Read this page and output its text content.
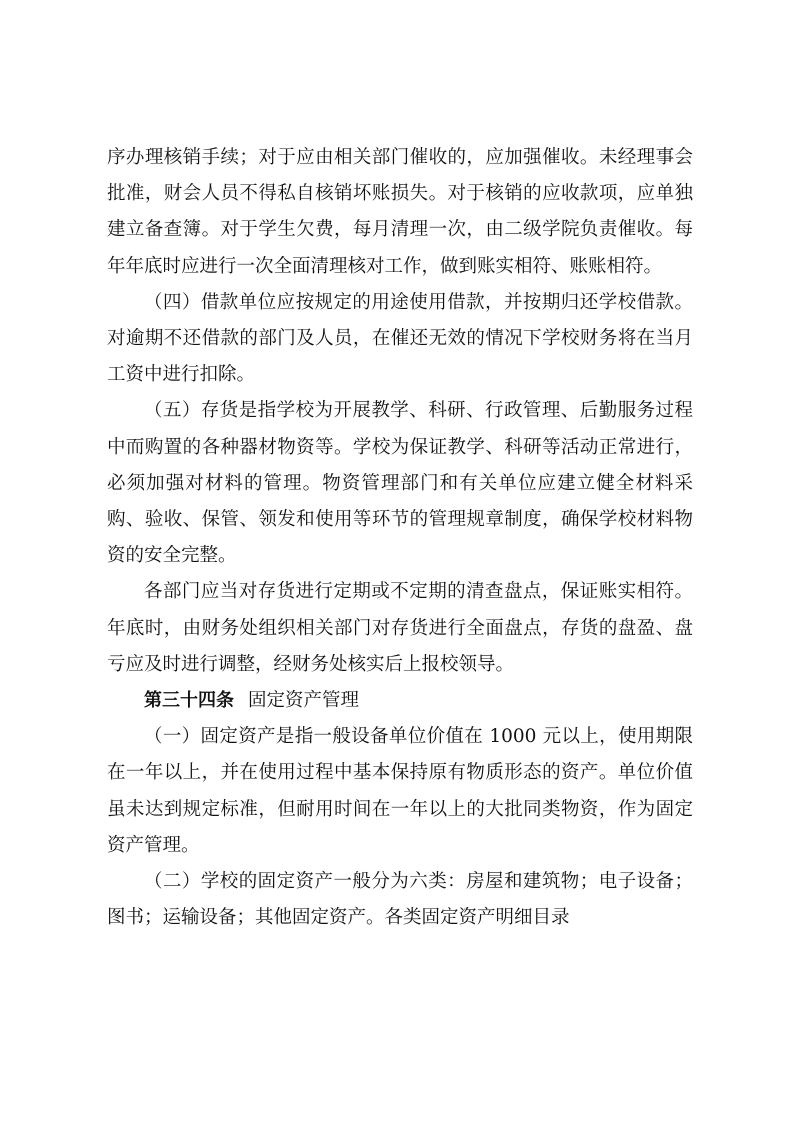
序办理核销手续；对于应由相关部门催收的，应加强催收。未经理事会批准，财会人员不得私自核销坏账损失。对于核销的应收款项，应单独建立备查簿。对于学生欠费，每月清理一次，由二级学院负责催收。每年年底时应进行一次全面清理核对工作，做到账实相符、账账相符。

（四）借款单位应按规定的用途使用借款，并按期归还学校借款。对逾期不还借款的部门及人员，在催还无效的情况下学校财务将在当月工资中进行扣除。

（五）存货是指学校为开展教学、科研、行政管理、后勤服务过程中而购置的各种器材物资等。学校为保证教学、科研等活动正常进行，必须加强对材料的管理。物资管理部门和有关单位应建立健全材料采购、验收、保管、领发和使用等环节的管理规章制度，确保学校材料物资的安全完整。

各部门应当对存货进行定期或不定期的清查盘点，保证账实相符。年底时，由财务处组织相关部门对存货进行全面盘点，存货的盘盈、盘亏应及时进行调整，经财务处核实后上报校领导。

第三十四条 固定资产管理

（一）固定资产是指一般设备单位价值在 1000 元以上，使用期限在一年以上，并在使用过程中基本保持原有物质形态的资产。单位价值虽未达到规定标准，但耐用时间在一年以上的大批同类物资，作为固定资产管理。

（二）学校的固定资产一般分为六类：房屋和建筑物；电子设备；图书；运输设备；其他固定资产。各类固定资产明细目录
